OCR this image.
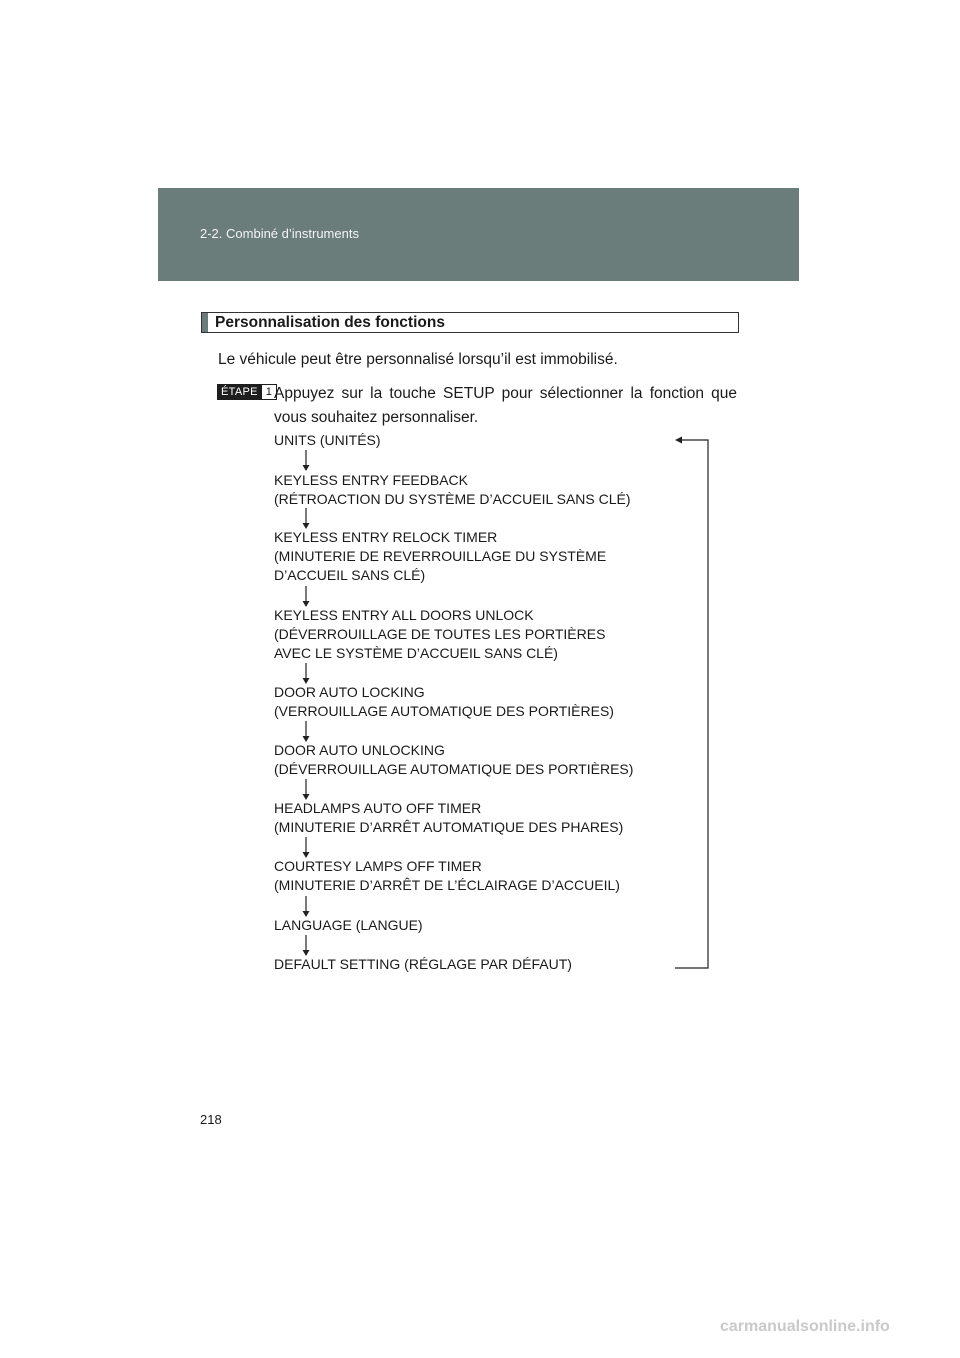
2-2. Combiné d’instruments
Personnalisation des fonctions
Le véhicule peut être personnalisé lorsqu’il est immobilisé.
ÉTAPE 1 Appuyez sur la touche SETUP pour sélectionner la fonction que vous souhaitez personnaliser.
UNITS (UNITÉS)
KEYLESS ENTRY FEEDBACK
(RÉTROACTION DU SYSTÈME D’ACCUEIL SANS CLÉ)
KEYLESS ENTRY RELOCK TIMER
(MINUTERIE DE REVERROUILLAGE DU SYSTÈME
D’ACCUEIL SANS CLÉ)
KEYLESS ENTRY ALL DOORS UNLOCK
(DÉVERROUILLAGE DE TOUTES LES PORTIÈRES
AVEC LE SYSTÈME D’ACCUEIL SANS CLÉ)
DOOR AUTO LOCKING
(VERROUILLAGE AUTOMATIQUE DES PORTIÈRES)
DOOR AUTO UNLOCKING
(DÉVERROUILLAGE AUTOMATIQUE DES PORTIÈRES)
HEADLAMPS AUTO OFF TIMER
(MINUTERIE D’ARRÊT AUTOMATIQUE DES PHARES)
COURTESY LAMPS OFF TIMER
(MINUTERIE D’ARRÊT DE L’ÉCLAIRAGE D’ACCUEIL)
LANGUAGE (LANGUE)
DEFAULT SETTING (RÉGLAGE PAR DÉFAUT)
218
carmanualsonline.info
